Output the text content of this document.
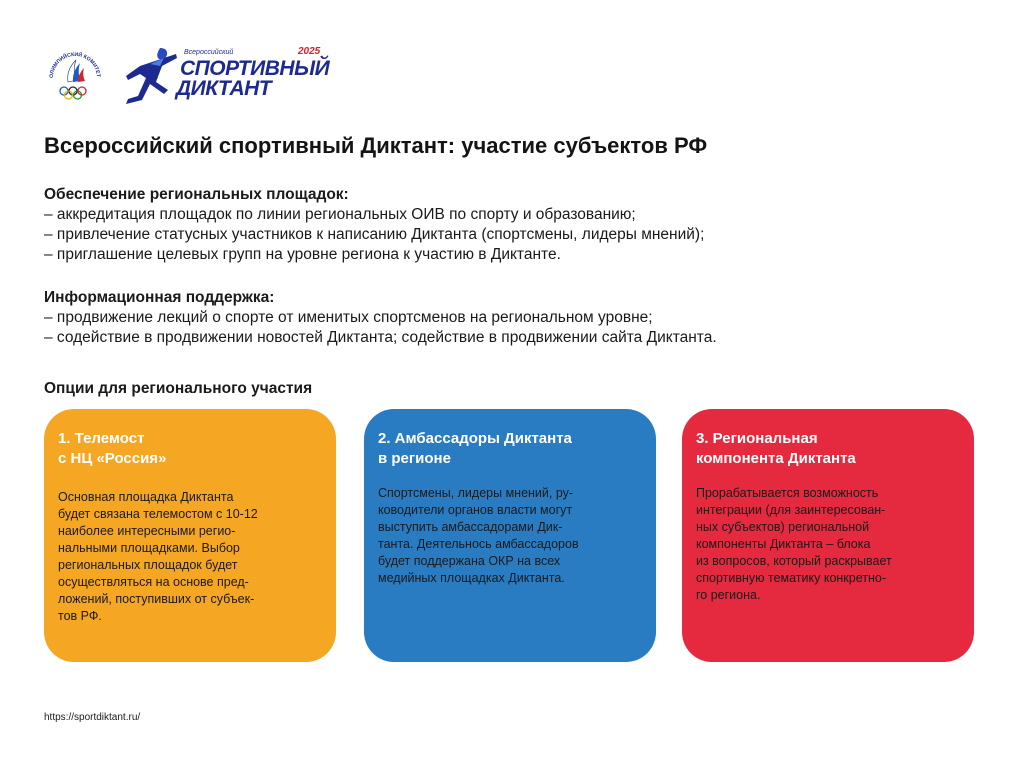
ОЛИМПИЙСКИЙ КОМИТЕТ
Всероссийский	2025
СПОРТИВНЫЙ
ДИКТАНТ
Всероссийский спортивный Диктант: участие субъектов РФ
Обеспечение региональных площадок:
– аккредитация площадок по линии региональных ОИВ по спорту и образованию;
– привлечение статусных участников к написанию Диктанта (спортсмены, лидеры мнений);
– приглашение целевых групп на уровне региона к участию в Диктанте.
Информационная поддержка:
– продвижение лекций о спорте от именитых спортсменов на региональном уровне;
– содействие в продвижении новостей Диктанта; содействие в продвижении сайта Диктанта.
Опции для регионального участия

1. Телемост
с НЦ «Россия»

Основная площадка Диктанта
будет связана телемостом с 10-12
наиболее интересными регио-
нальными площадками. Выбор
региональных площадок будет
осуществляться на основе пред-
ложений, поступивших от субъек-
тов РФ.

2. Амбассадоры Диктанта
в регионе

Спортсмены, лидеры мнений, ру-
ководители органов власти могут
выступить амбассадорами Дик-
танта. Деятельнось амбассадоров
будет поддержана ОКР на всех
медийных площадках Диктанта.

3. Региональная
компонента Диктанта

Прорабатывается возможность
интеграции (для заинтересован-
ных субъектов) региональной
компоненты Диктанта – блока
из вопросов, который раскрывает
спортивную тематику конкретно-
го региона.

https://sportdiktant.ru/
